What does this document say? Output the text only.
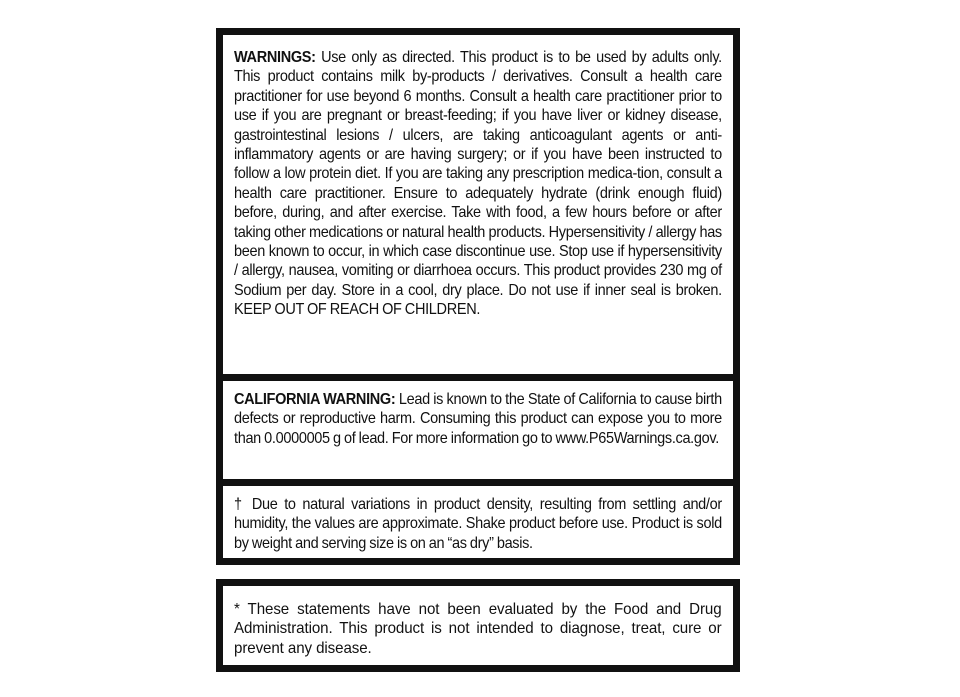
WARNINGS: Use only as directed. This product is to be used by adults only. This product contains milk by-products / derivatives. Consult a health care practitioner for use beyond 6 months. Consult a health care practitioner prior to use if you are pregnant or breast-feeding; if you have liver or kidney disease, gastrointestinal lesions / ulcers, are taking anticoagulant agents or anti-inflammatory agents or are having surgery; or if you have been instructed to follow a low protein diet. If you are taking any prescription medica-tion, consult a health care practitioner. Ensure to adequately hydrate (drink enough fluid) before, during, and after exercise. Take with food, a few hours before or after taking other medications or natural health products. Hypersensitivity / allergy has been known to occur, in which case discontinue use. Stop use if hypersensitivity / allergy, nausea, vomiting or diarrhoea occurs. This product provides 230 mg of Sodium per day. Store in a cool, dry place. Do not use if inner seal is broken. KEEP OUT OF REACH OF CHILDREN.

CALIFORNIA WARNING: Lead is known to the State of California to cause birth defects or reproductive harm. Consuming this product can expose you to more than 0.0000005 g of lead. For more information go to www.P65Warnings.ca.gov.

† Due to natural variations in product density, resulting from settling and/or humidity, the values are approximate. Shake product before use. Product is sold by weight and serving size is on an “as dry” basis.

* These statements have not been evaluated by the Food and Drug Administration. This product is not intended to diagnose, treat, cure or prevent any disease.
